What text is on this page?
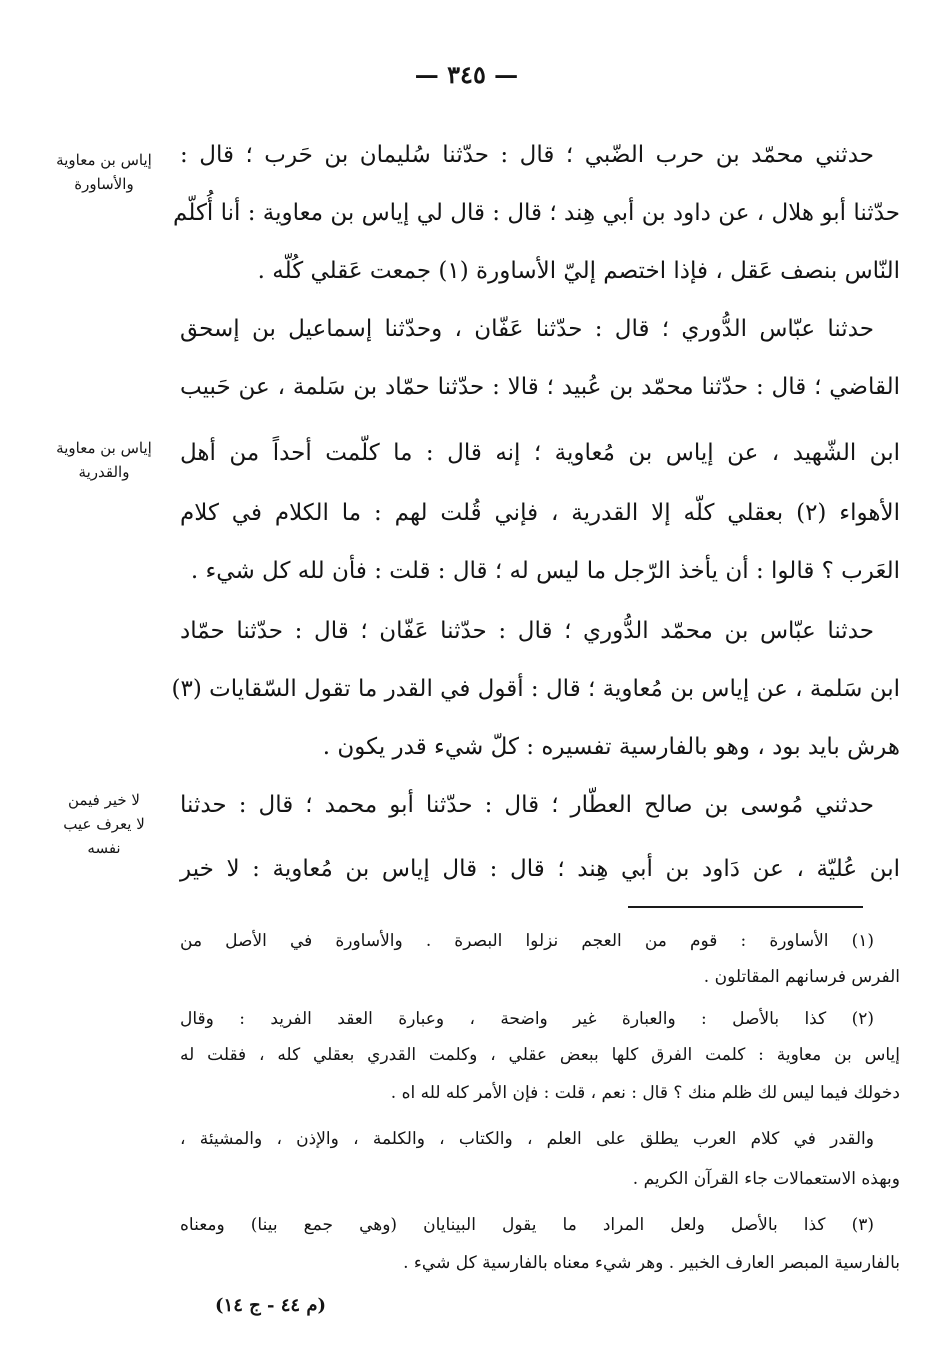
— ٣٤٥ —
إياس بن معاوية
والأساورة
إياس بن معاوية
والقدرية
لا خير فيمن
لا يعرف عيب
نفسه
حدثني محمّد بن حرب الضّبي ؛ قال : حدّثنا سُليمان بن حَرب ؛ قال :
حدّثنا أبو هلال ، عن داود بن أبي هِند ؛ قال : قال لي إياس بن معاوية : أنا أُكلّم
النّاس بنصف عَقل ، فإذا اختصم إليّ الأساورة (١) جمعت عَقلي كُلّه .
حدثنا عبّاس الدُّوري ؛ قال : حدّثنا عَفّان ، وحدّثنا إسماعيل بن إسحق
القاضي ؛ قال : حدّثنا محمّد بن عُبيد ؛ قالا : حدّثنا حمّاد بن سَلمة ، عن حَبيب
ابن الشّهيد ، عن إياس بن مُعاوية ؛ إنه قال : ما كلّمت أحداً من أهل
الأهواء (٢) بعقلي كلّه إلا القدرية ، فإني قُلت لهم : ما الكلام في كلام
العَرب ؟ قالوا : أن يأخذ الرّجل ما ليس له ؛ قال : قلت : فأن لله كل شيء .
حدثنا عبّاس بن محمّد الدُّوري ؛ قال : حدّثنا عَفّان ؛ قال : حدّثنا حمّاد
ابن سَلمة ، عن إياس بن مُعاوية ؛ قال : أقول في القدر ما تقول السّقايات (٣)
هرش بايد بود ، وهو بالفارسية تفسيره : كلّ شيء قدر يكون .
حدثني مُوسى بن صالح العطّار ؛ قال : حدّثنا أبو محمد ؛ قال : حدثنا
ابن عُليّة ، عن دَاود بن أبي هِند ؛ قال : قال إياس بن مُعاوية : لا خير
(١) الأساورة : قوم من العجم نزلوا البصرة . والأساورة في الأصل من
الفرس فرسانهم المقاتلون .
(٢) كذا بالأصل : والعبارة غير واضحة ، وعبارة العقد الفريد : وقال
إياس بن معاوية : كلمت الفرق كلها ببعض عقلي ، وكلمت القدري بعقلي كله ، فقلت له
دخولك فيما ليس لك ظلم منك ؟ قال : نعم ، قلت : فإن الأمر كله لله اه .
والقدر في كلام العرب يطلق على العلم ، والكتاب ، والكلمة ، والإذن ، والمشيئة ،
وبهذه الاستعمالات جاء القرآن الكريم .
(٣) كذا بالأصل ولعل المراد ما يقول البينايان (وهي جمع بينا) ومعناه
بالفارسية المبصر العارف الخبير . وهر شيء معناه بالفارسية كل شيء .
(م ٤٤ - ج ١٤)
